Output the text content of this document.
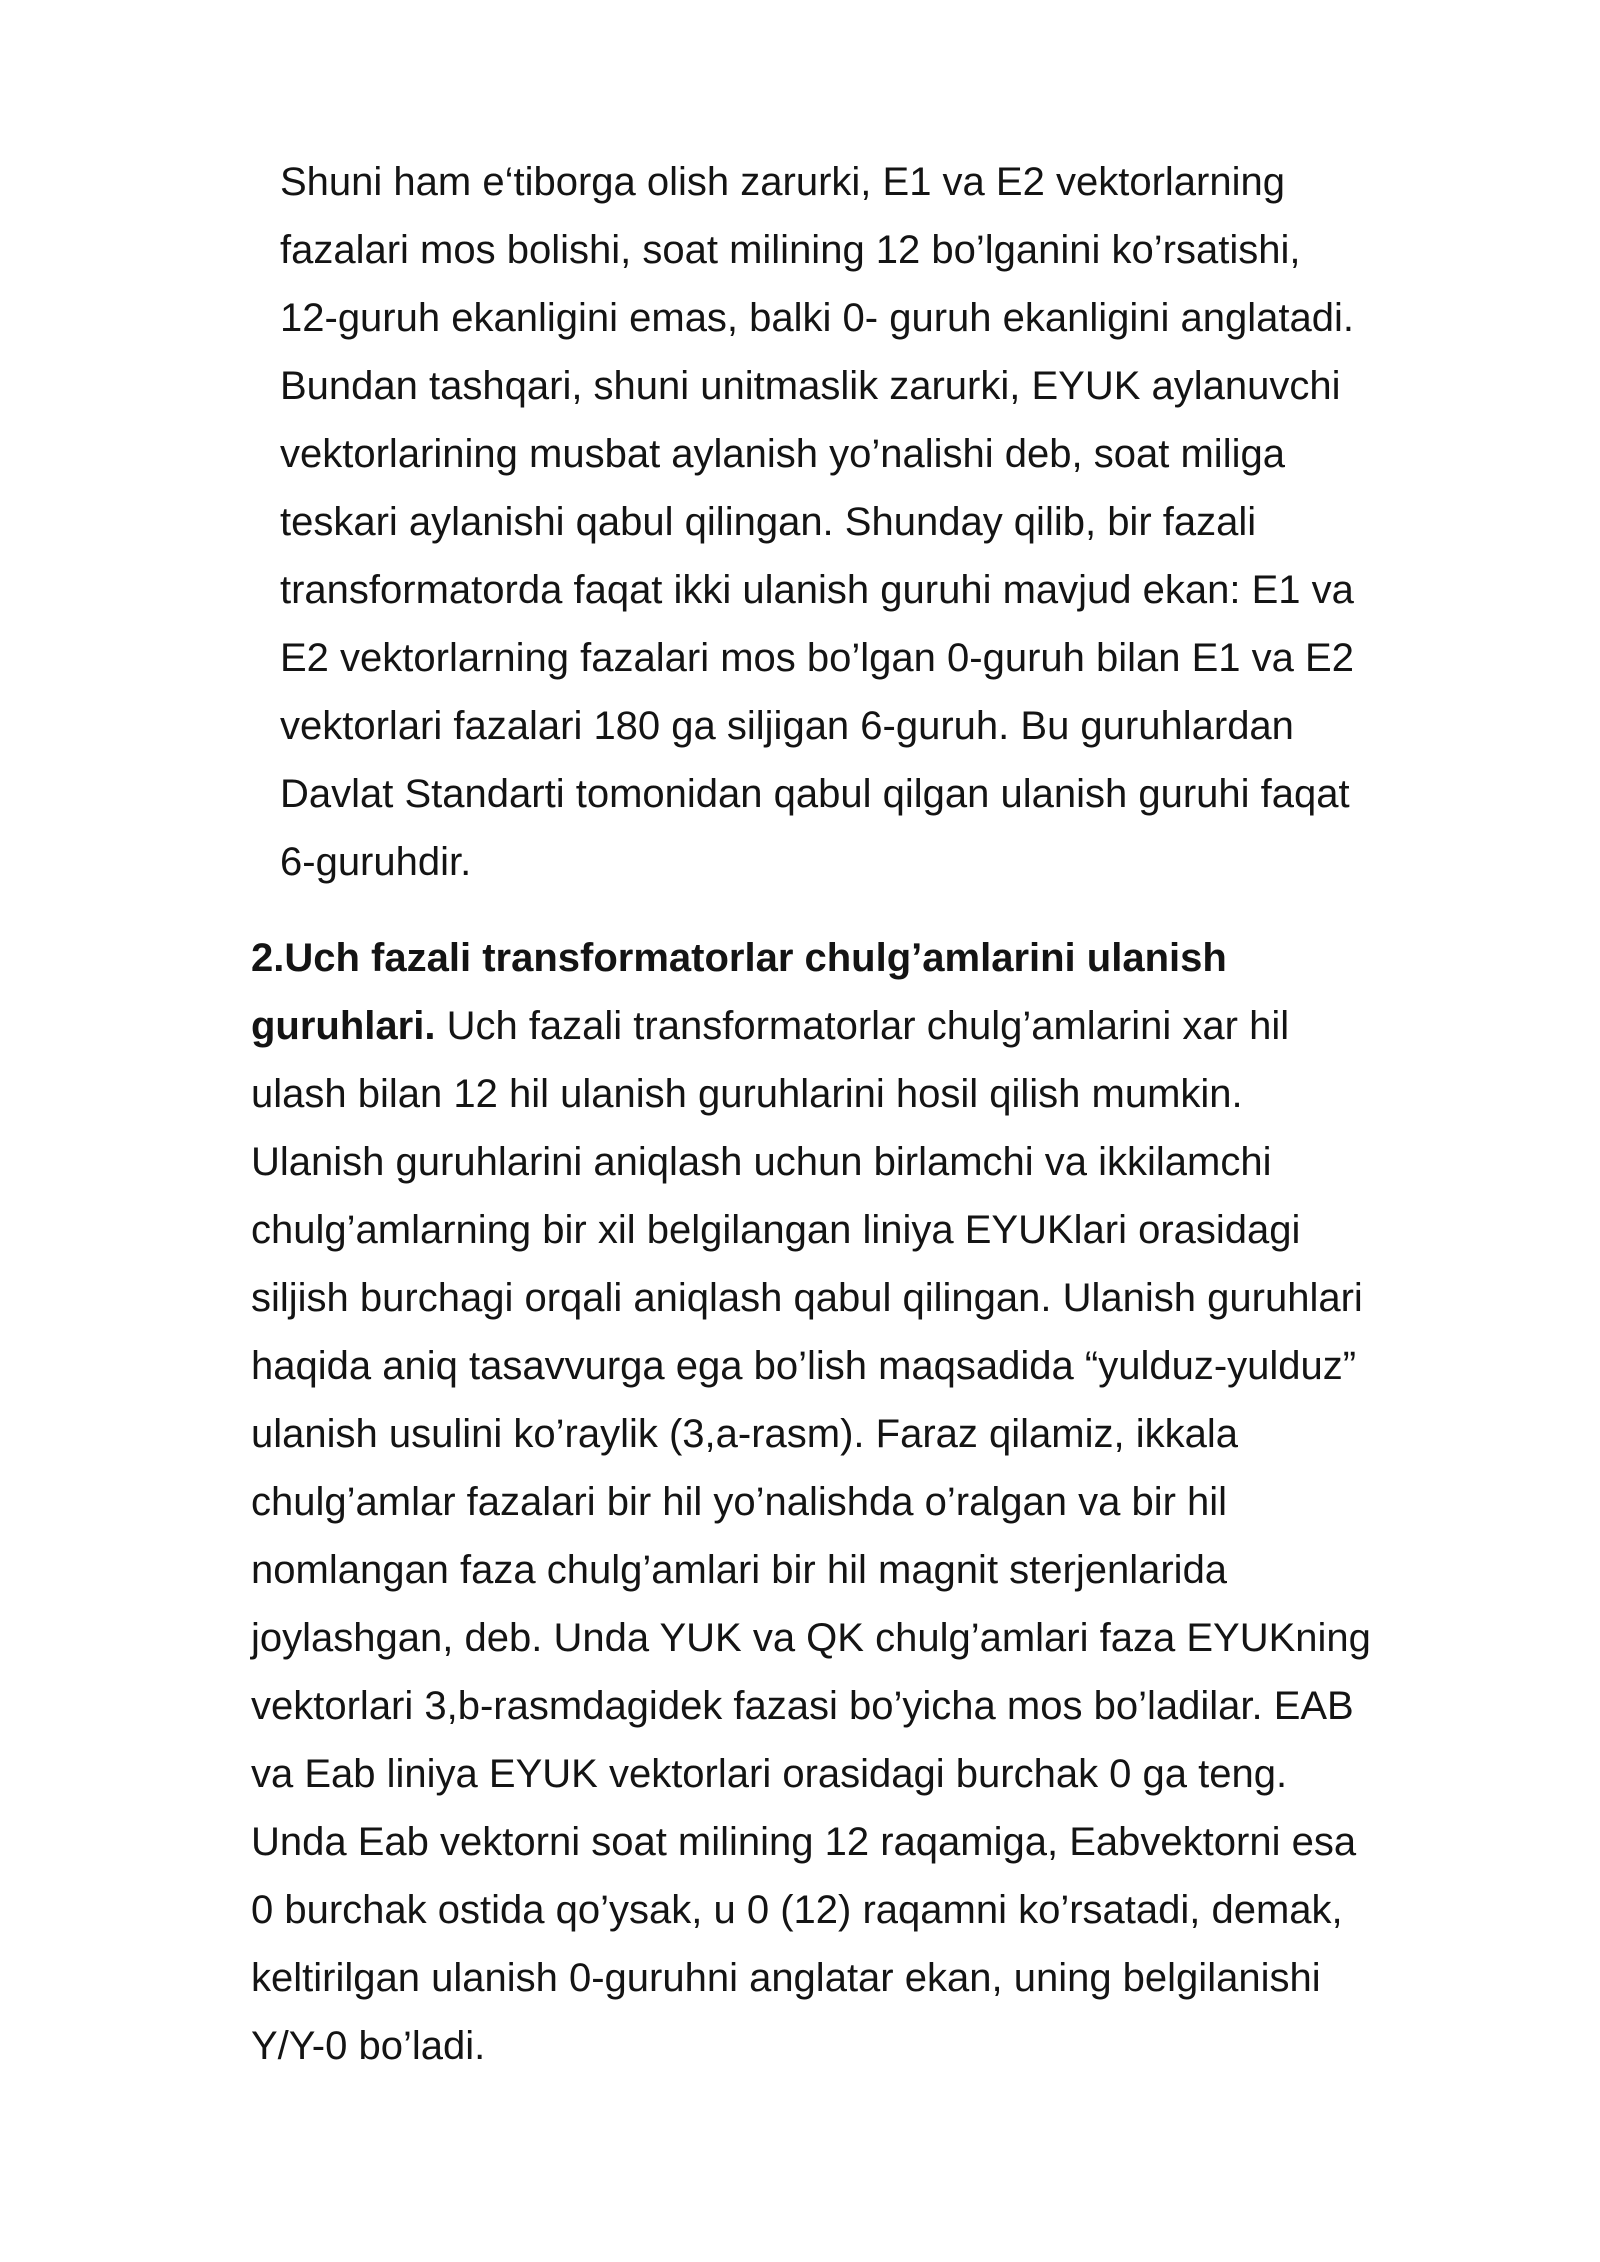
Shuni ham e‘tiborga olish zarurki, E1 va E2 vektorlarning
fazalari mos bolishi, soat milining 12 bo’lganini ko’rsatishi,
12-guruh ekanligini emas, balki 0- guruh ekanligini anglatadi.
Bundan tashqari, shuni unitmaslik zarurki, EYUK aylanuvchi
vektorlarining musbat aylanish yo’nalishi deb, soat miliga
teskari aylanishi qabul qilingan. Shunday qilib, bir fazali
transformatorda faqat ikki ulanish guruhi mavjud ekan: E1 va
E2 vektorlarning fazalari mos bo’lgan 0-guruh bilan E1 va E2
vektorlari fazalari 180 ga siljigan 6-guruh. Bu guruhlardan
Davlat Standarti tomonidan qabul qilgan ulanish guruhi faqat
6-guruhdir.
2.Uch fazali transformatorlar chulg’amlarini ulanish
guruhlari. Uch fazali transformatorlar chulg’amlarini xar hil
ulash bilan 12 hil ulanish guruhlarini hosil qilish mumkin.
Ulanish guruhlarini aniqlash uchun birlamchi va ikkilamchi
chulg’amlarning bir xil belgilangan liniya EYUKlari orasidagi
siljish burchagi orqali aniqlash qabul qilingan. Ulanish guruhlari
haqida aniq tasavvurga ega bo’lish maqsadida “yulduz-yulduz”
ulanish usulini ko’raylik (3,a-rasm). Faraz qilamiz, ikkala
chulg’amlar fazalari bir hil yo’nalishda o’ralgan va bir hil
nomlangan faza chulg’amlari bir hil magnit sterjenlarida
joylashgan, deb. Unda YUK va QK chulg’amlari faza EYUKning
vektorlari 3,b-rasmdagidek fazasi bo’yicha mos bo’ladilar. EAB
va Eab liniya EYUK vektorlari orasidagi burchak 0 ga teng.
Unda Eab vektorni soat milining 12 raqamiga, Eabvektorni esa
0 burchak ostida qo’ysak, u 0 (12) raqamni ko’rsatadi, demak,
keltirilgan ulanish 0-guruhni anglatar ekan, uning belgilanishi
Y/Y-0 bo’ladi.
